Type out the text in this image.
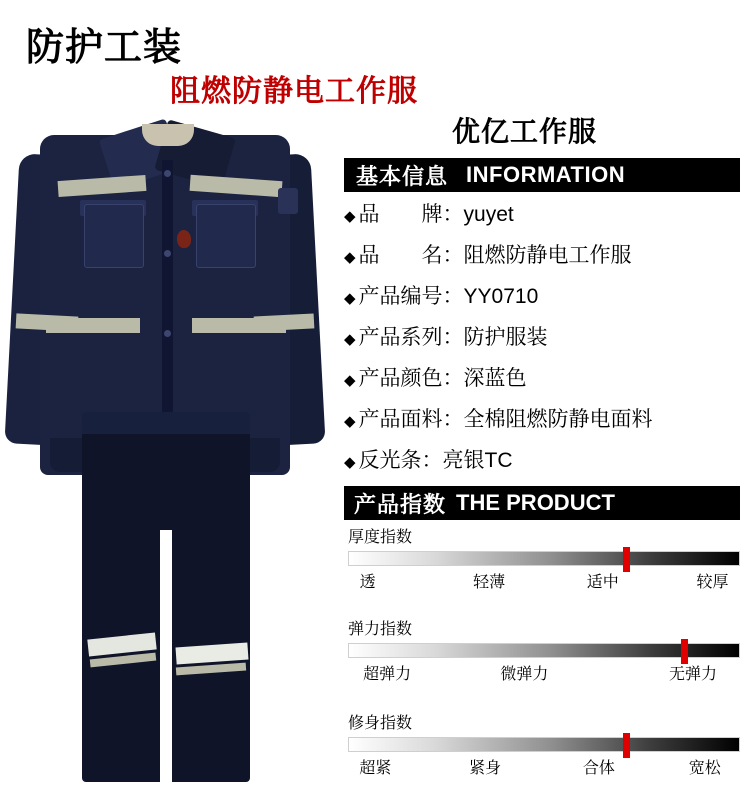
防护工装
阻燃防静电工作服
优亿工作服
基本信息 INFORMATION
◆ 品　　牌： yuyet
◆ 品　　名： 阻燃防静电工作服
◆ 产品编号： YY0710
◆ 产品系列： 防护服装
◆ 产品颜色： 深蓝色
◆ 产品面料： 全棉阻燃防静电面料
◆ 反光条： 亮银TC
产品指数 THE PRODUCT
厚度指数
透	轻薄	适中	较厚
弹力指数
超弹力	微弹力	无弹力
修身指数
超紧	紧身	合体	宽松
